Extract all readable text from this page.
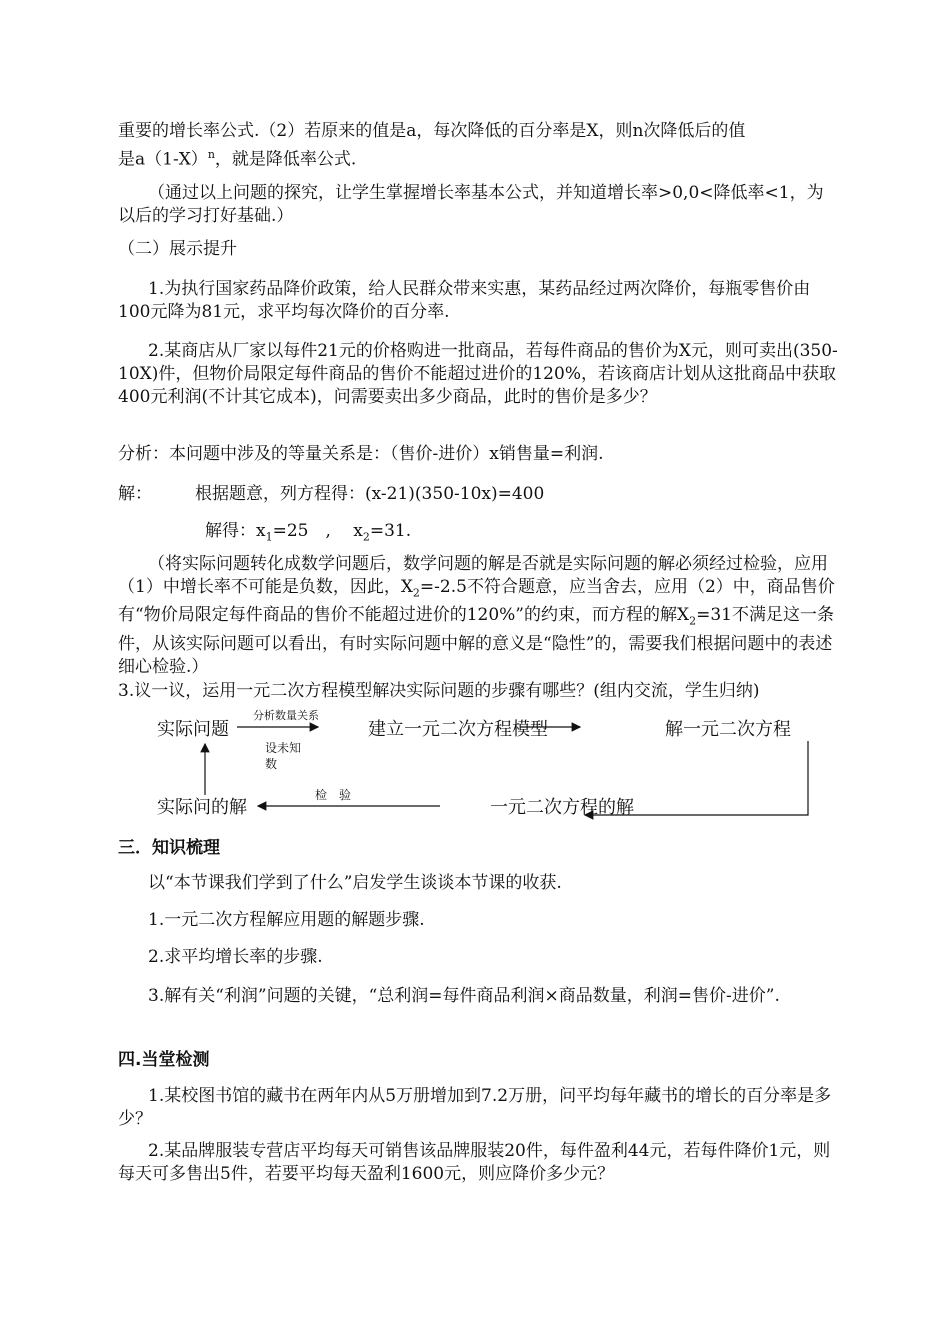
重要的增长率公式.（2）若原来的值是a，每次降低的百分率是X，则n次降低后的值
是$a(1-X)^n$，就是降低率公式.

（通过以上问题的探究，让学生掌握增长率基本公式，并知道增长率>0,0<降低率<1，为以后的学习打好基础.）

（二）展示提升

1.为执行国家药品降价政策，给人民群众带来实惠，某药品经过两次降价，每瓶零售价由100元降为81元，求平均每次降价的百分率.

2.某商店从厂家以每件21元的价格购进一批商品，若每件商品的售价为X元，则可卖出(350-10X)件，但物价局限定每件商品的售价不能超过进价的120%，若该商店计划从这批商品中获取400元利润(不计其它成本)，问需要卖出多少商品，此时的售价是多少？

分析：本问题中涉及的等量关系是：（售价-进价）x销售量=利润.

解：	根据题意，列方程得：(x-21)(350-10x)=400
解得：$x_1=25$　,　 $x_2=31$.

（将实际问题转化成数学问题后，数学问题的解是否就是实际问题的解必须经过检验，应用（1）中增长率不可能是负数，因此，$X_2=-2.5$不符合题意，应当舍去，应用（2）中，商品售价有“物价局限定每件商品的售价不能超过进价的120%”的约束，而方程的解$X_2=31$不满足这一条件，从该实际问题可以看出，有时实际问题中解的意义是“隐性”的，需要我们根据问题中的表述细心检验.）

3.议一议，运用一元二次方程模型解决实际问题的步骤有哪些？(组内交流，学生归纳)

实际问题	建立一元二次方程模型	解一元二次方程
实际问的解	一元二次方程的解
分析数量关系
设未知
数
检　验
三．知识梳理

以“本节课我们学到了什么”启发学生谈谈本节课的收获.

1.一元二次方程解应用题的解题步骤.

2.求平均增长率的步骤.

3.解有关“利润”问题的关键，“总利润=每件商品利润×商品数量，利润=售价-进价”.

四.当堂检测

1.某校图书馆的藏书在两年内从5万册增加到7.2万册，问平均每年藏书的增长的百分率是多少？

2.某品牌服装专营店平均每天可销售该品牌服装20件，每件盈利44元，若每件降价1元，则每天可多售出5件，若要平均每天盈利1600元，则应降价多少元？
